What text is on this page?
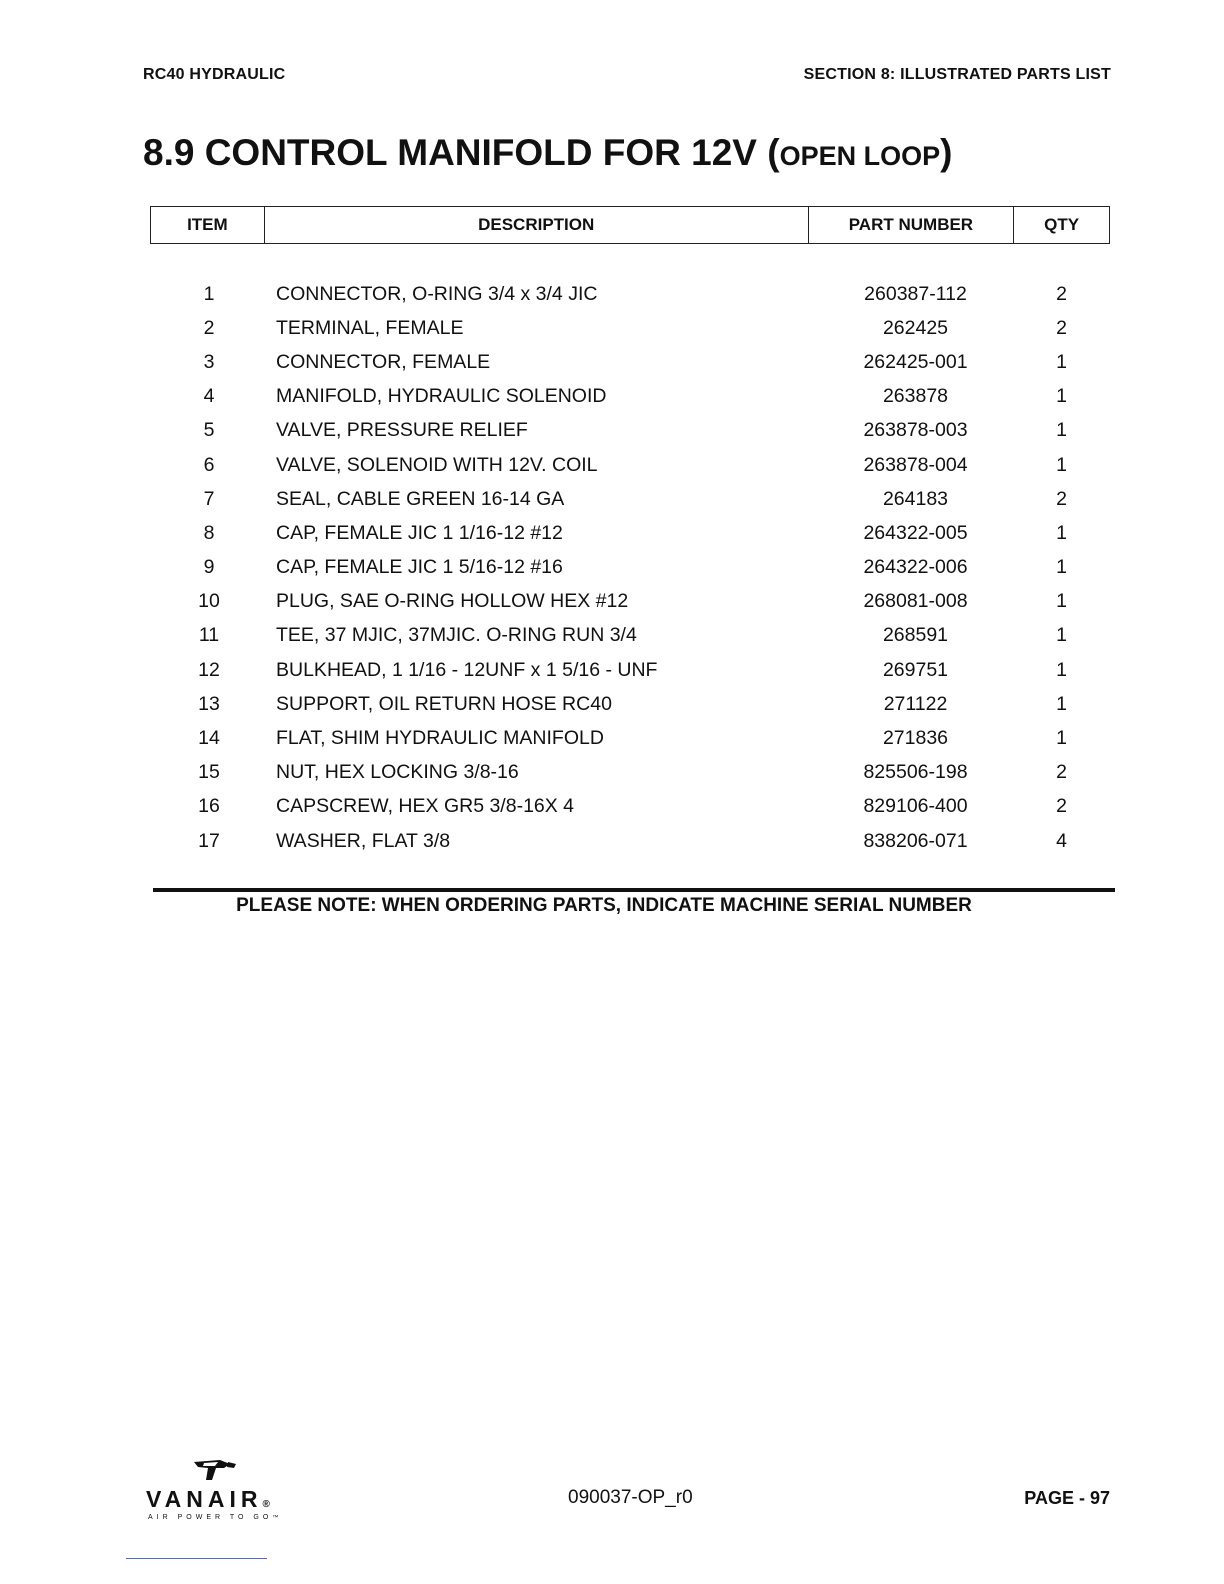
RC40 HYDRAULIC	SECTION 8: ILLUSTRATED PARTS LIST
8.9 CONTROL MANIFOLD FOR 12V (OPEN LOOP)
ITEM	DESCRIPTION	PART NUMBER	QTY
1	CONNECTOR, O-RING 3/4 x 3/4 JIC	260387-112	2
2	TERMINAL, FEMALE	262425	2
3	CONNECTOR, FEMALE	262425-001	1
4	MANIFOLD, HYDRAULIC SOLENOID	263878	1
5	VALVE, PRESSURE RELIEF	263878-003	1
6	VALVE, SOLENOID WITH 12V. COIL	263878-004	1
7	SEAL, CABLE GREEN 16-14 GA	264183	2
8	CAP, FEMALE JIC 1 1/16-12 #12	264322-005	1
9	CAP, FEMALE JIC 1 5/16-12 #16	264322-006	1
10	PLUG, SAE O-RING HOLLOW HEX #12	268081-008	1
11	TEE, 37 MJIC, 37MJIC. O-RING RUN 3/4	268591	1
12	BULKHEAD, 1 1/16 - 12UNF x 1 5/16 - UNF	269751	1
13	SUPPORT, OIL RETURN HOSE RC40	271122	1
14	FLAT, SHIM HYDRAULIC MANIFOLD	271836	1
15	NUT, HEX LOCKING 3/8-16	825506-198	2
16	CAPSCREW, HEX GR5 3/8-16X 4	829106-400	2
17	WASHER, FLAT 3/8	838206-071	4
PLEASE NOTE: WHEN ORDERING PARTS, INDICATE MACHINE SERIAL NUMBER
VANAIR®
AIR POWER TO GO™
090037-OP_r0	PAGE - 97
